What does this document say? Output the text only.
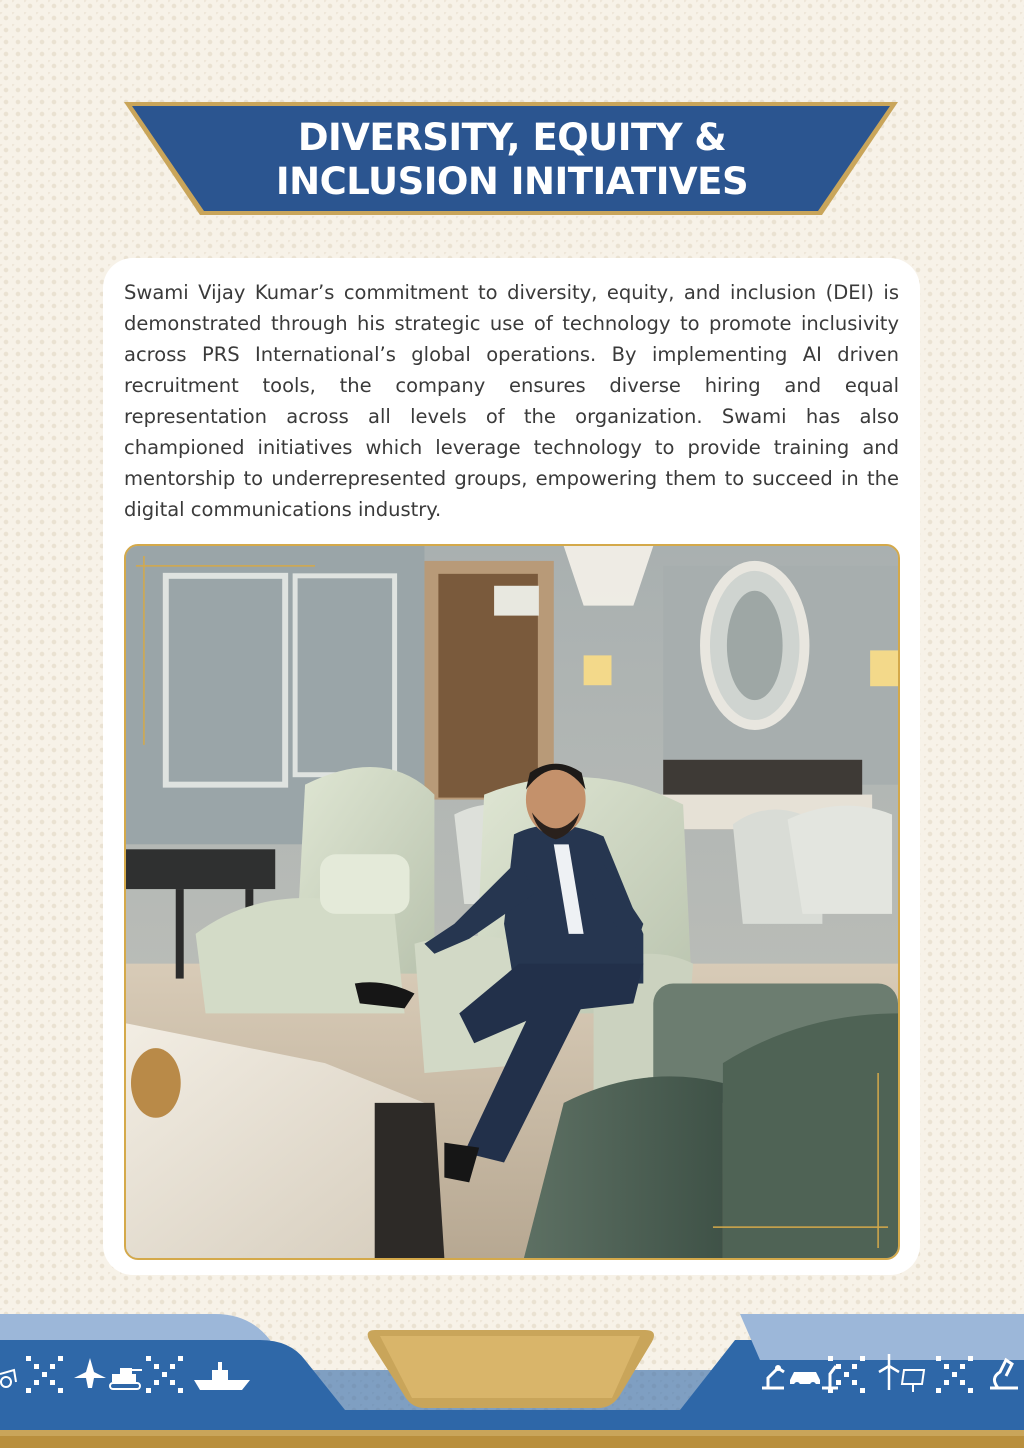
DIVERSITY, EQUITY &
INCLUSION INITIATIVES

Swami Vijay Kumar’s commitment to diversity, equity, and inclusion (DEI) is demonstrated through his strategic use of technology to promote inclusivity across PRS International’s global operations. By implementing AI driven recruitment tools, the company ensures diverse hiring and equal representation across all levels of the organization. Swami has also championed initiatives which leverage technology to provide training and mentorship to underrepresented groups, empowering them to succeed in the digital communications industry.
